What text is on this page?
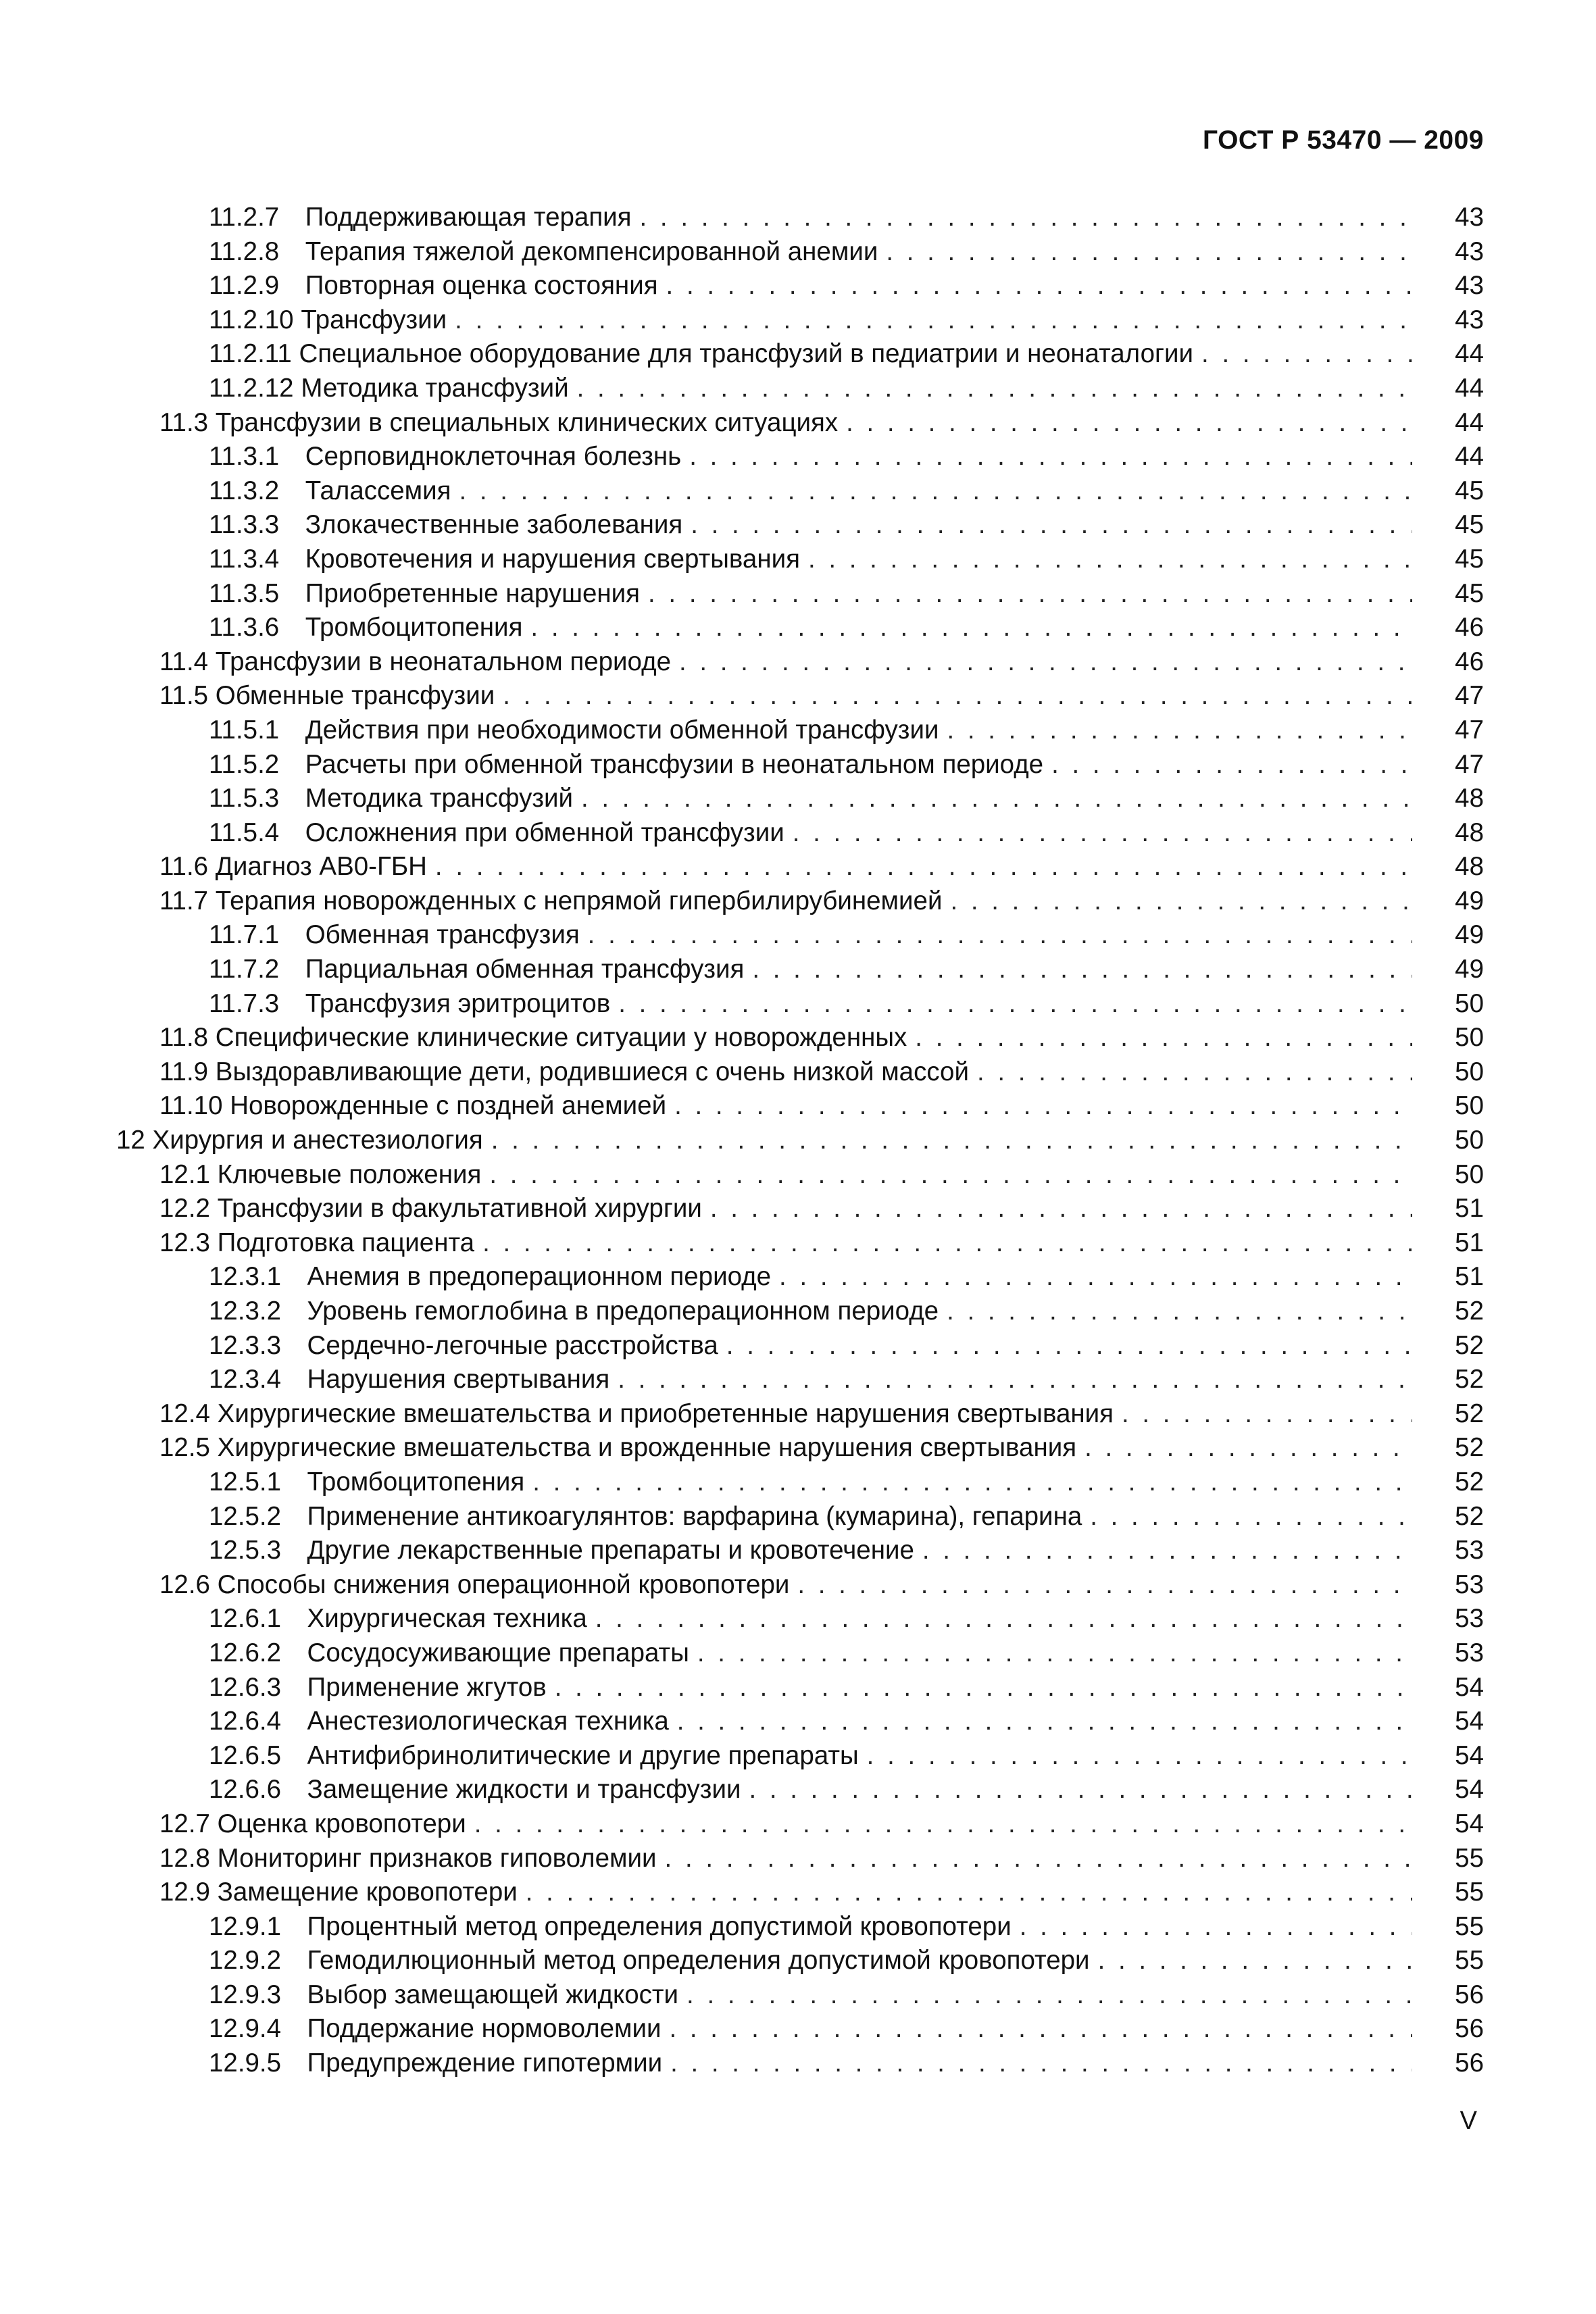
ГОСТ Р 53470 — 2009
11.2.7  Поддерживающая терапия . . .	43
11.2.8  Терапия тяжелой декомпенсированной анемии . . .	43
11.2.9  Повторная оценка состояния . . .	43
11.2.10 Трансфузии . . .	43
11.2.11 Специальное оборудование для трансфузий в педиатрии и неонаталогии . . .	44
11.2.12 Методика трансфузий . . .	44
11.3 Трансфузии в специальных клинических ситуациях . . .	44
11.3.1  Серповидноклеточная болезнь . . .	44
11.3.2  Талассемия . . .	45
11.3.3  Злокачественные заболевания . . .	45
11.3.4  Кровотечения и нарушения свертывания . . .	45
11.3.5  Приобретенные нарушения . . .	45
11.3.6  Тромбоцитопения . . .	46
11.4 Трансфузии в неонатальном периоде . . .	46
11.5 Обменные трансфузии . . .	47
11.5.1  Действия при необходимости обменной трансфузии . . .	47
11.5.2  Расчеты при обменной трансфузии в неонатальном периоде . . .	47
11.5.3  Методика трансфузий . . .	48
11.5.4  Осложнения при обменной трансфузии . . .	48
11.6 Диагноз АВ0-ГБН . . .	48
11.7 Терапия новорожденных с непрямой гипербилирубинемией . . .	49
11.7.1  Обменная трансфузия . . .	49
11.7.2  Парциальная обменная трансфузия . . .	49
11.7.3  Трансфузия эритроцитов . . .	50
11.8 Специфические клинические ситуации у новорожденных . . .	50
11.9 Выздоравливающие дети, родившиеся с очень низкой массой . . .	50
11.10 Новорожденные с поздней анемией . . .	50
12 Хирургия и анестезиология . . .	50
12.1 Ключевые положения . . .	50
12.2 Трансфузии в факультативной хирургии . . .	51
12.3 Подготовка пациента . . .	51
12.3.1  Анемия в предоперационном периоде . . .	51
12.3.2  Уровень гемоглобина в предоперационном периоде . . .	52
12.3.3  Сердечно-легочные расстройства . . .	52
12.3.4  Нарушения свертывания . . .	52
12.4 Хирургические вмешательства и приобретенные нарушения свертывания . . .	52
12.5 Хирургические вмешательства и врожденные нарушения свертывания . . .	52
12.5.1  Тромбоцитопения . . .	52
12.5.2  Применение антикоагулянтов: варфарина (кумарина), гепарина . . .	52
12.5.3  Другие лекарственные препараты и кровотечение . . .	53
12.6 Способы снижения операционной кровопотери . . .	53
12.6.1  Хирургическая техника . . .	53
12.6.2  Сосудосуживающие препараты . . .	53
12.6.3  Применение жгутов . . .	54
12.6.4  Анестезиологическая техника . . .	54
12.6.5  Антифибринолитические и другие препараты . . .	54
12.6.6  Замещение жидкости и трансфузии . . .	54
12.7 Оценка кровопотери . . .	54
12.8 Мониторинг признаков гиповолемии . . .	55
12.9 Замещение кровопотери . . .	55
12.9.1  Процентный метод определения допустимой кровопотери . . .	55
12.9.2  Гемодилюционный метод определения допустимой кровопотери . . .	55
12.9.3  Выбор замещающей жидкости . . .	56
12.9.4  Поддержание нормоволемии . . .	56
12.9.5  Предупреждение гипотермии . . .	56
V
